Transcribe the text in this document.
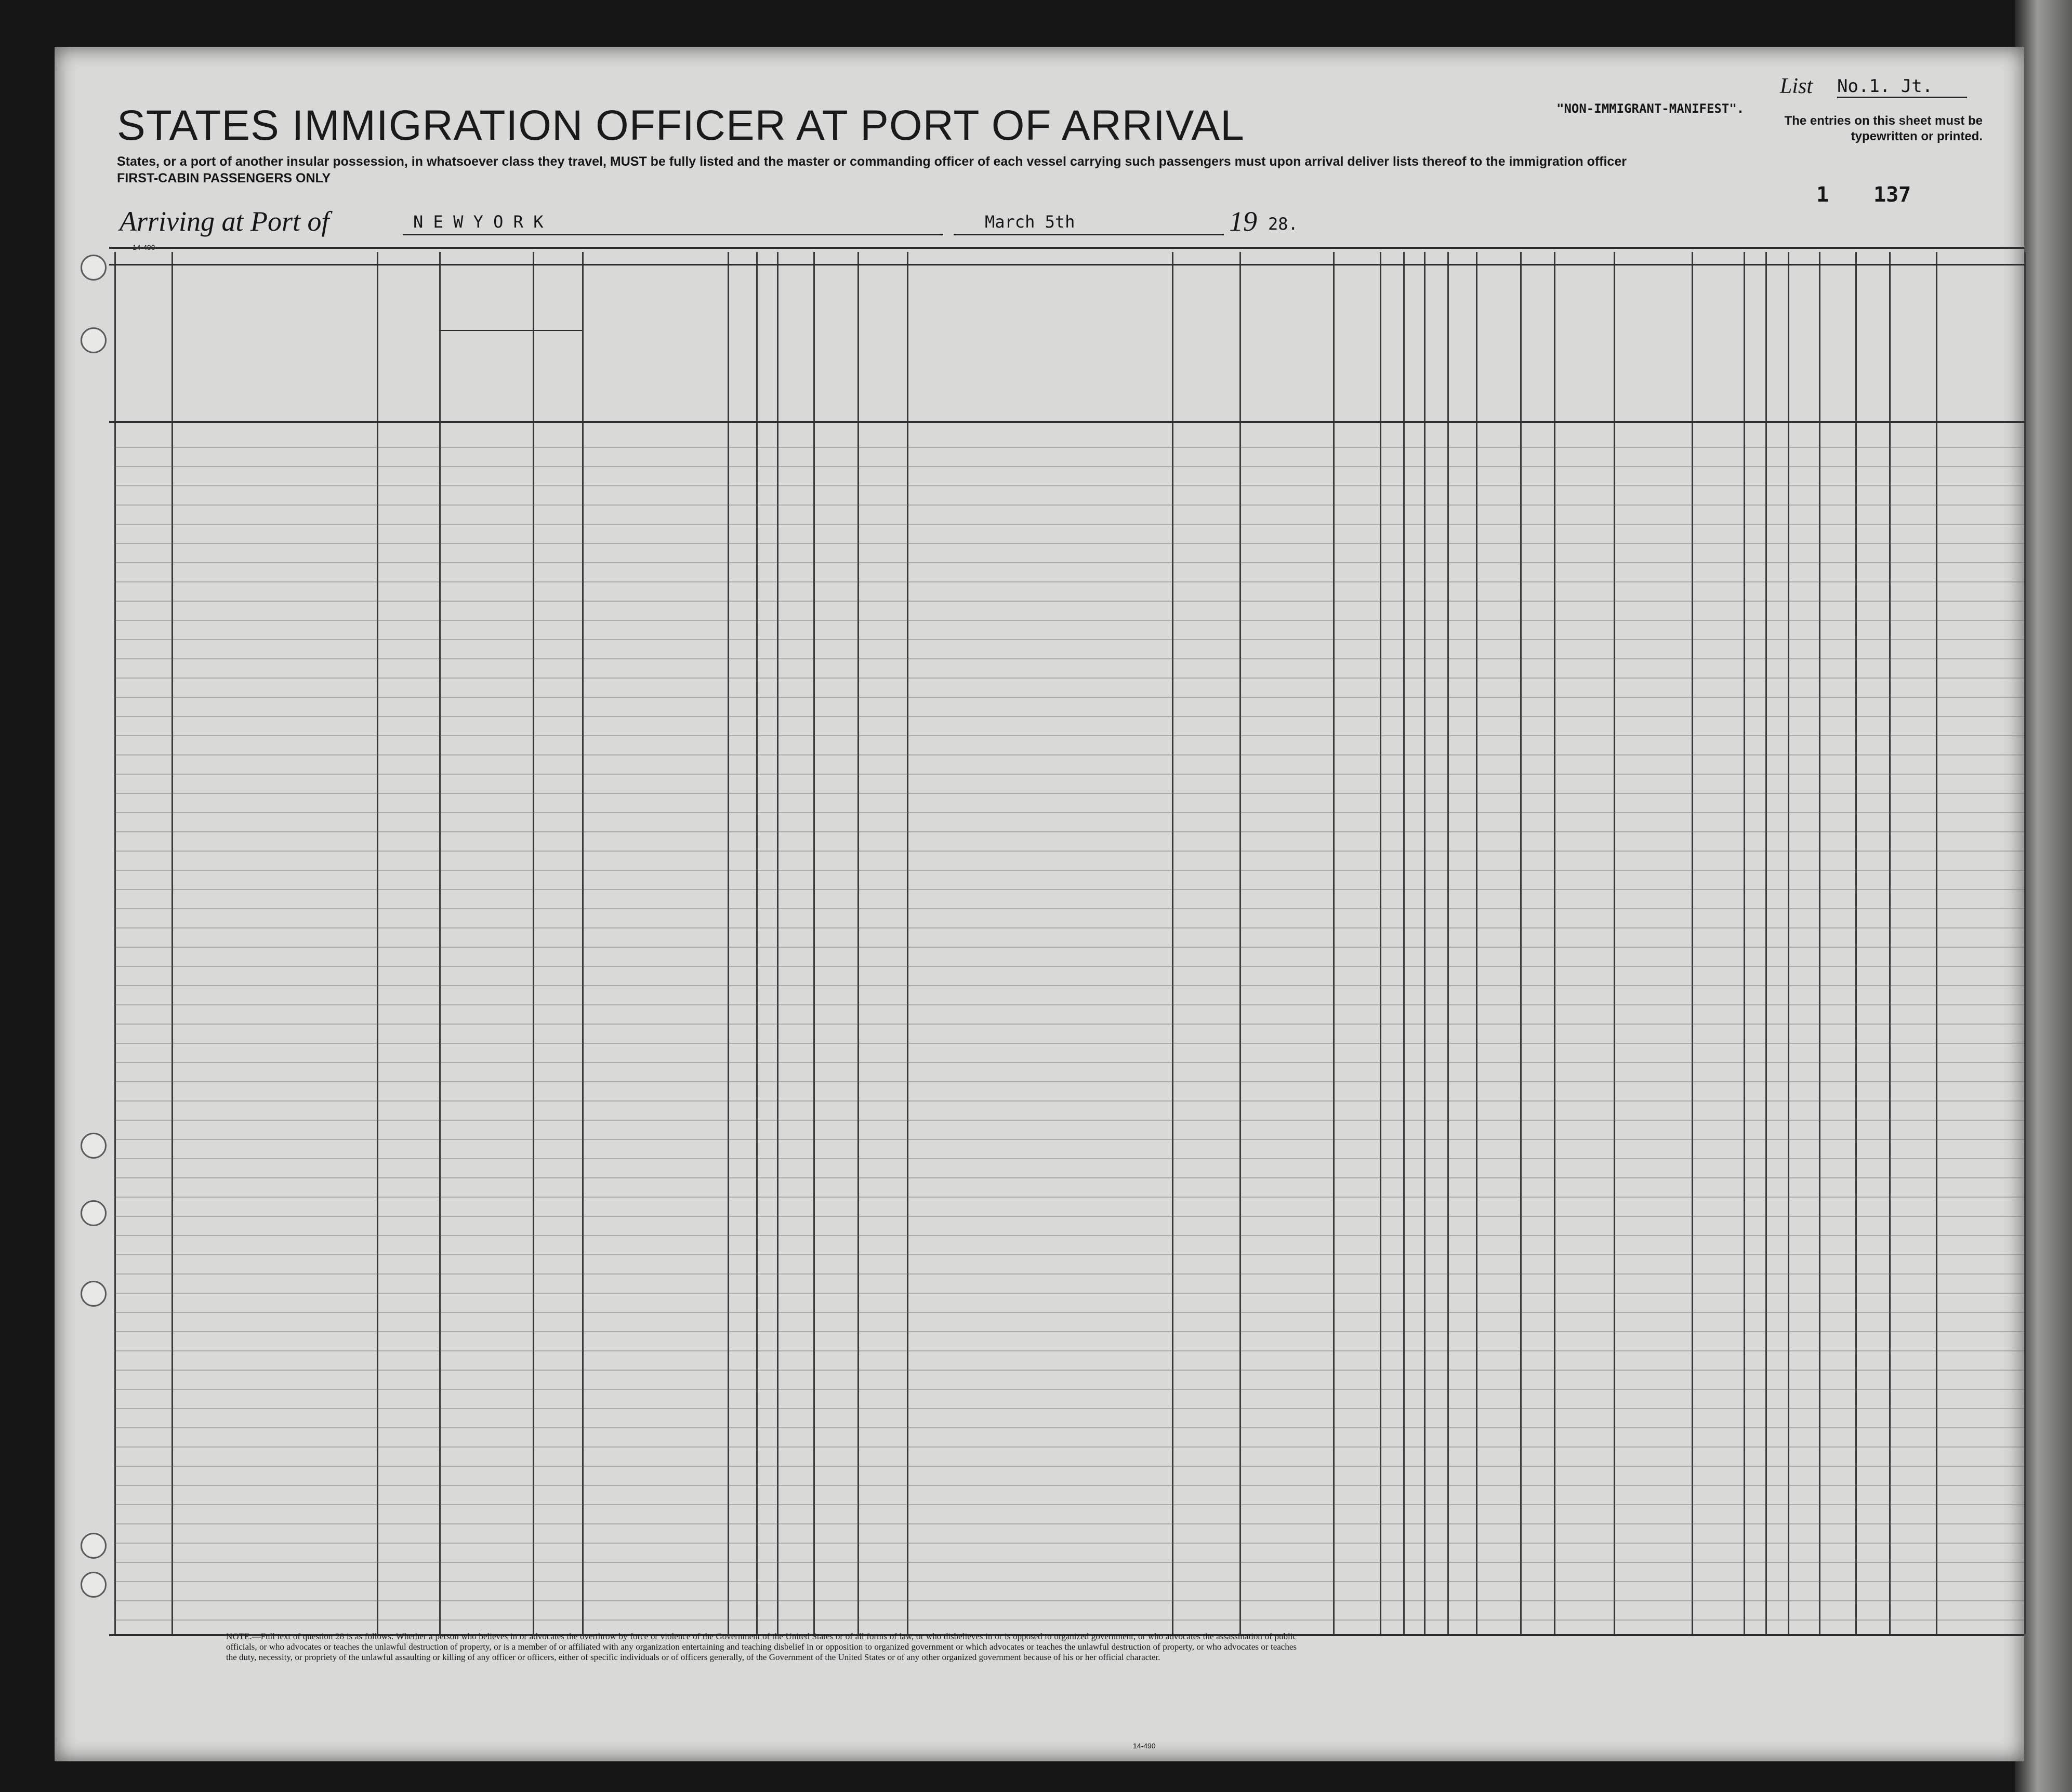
List No.1. Jt.
"NON-IMMIGRANT-MANIFEST".
The entries on this sheet must be typewritten or printed.
STATES IMMIGRATION OFFICER AT PORT OF ARRIVAL
States, or a port of another insular possession, in whatsoever class they travel, MUST be fully listed and the master or commanding officer of each vessel carrying such passengers must upon arrival deliver lists thereof to the immigration officer
FIRST-CABIN PASSENGERS ONLY
Arriving at Port of	N E W Y O R K	March 5th	19 28.
1 137
NOTE.—Full text of question 28 is as follows: Whether a person who believes in or advocates the overthrow by force or violence of the Government of the United States or of all forms of law, or who disbelieves in or is opposed to organized government, or who advocates the assassination of public officials, or who advocates or teaches the unlawful destruction of property, or is a member of or affiliated with any organization entertaining and teaching disbelief in or opposition to organized government or which advocates or teaches the unlawful destruction of property, or who advocates or teaches the duty, necessity, or propriety of the unlawful assaulting or killing of any officer or officers, either of specific individuals or of officers generally, of the Government of the United States or of any other organized government because of his or her official character.
14-490
